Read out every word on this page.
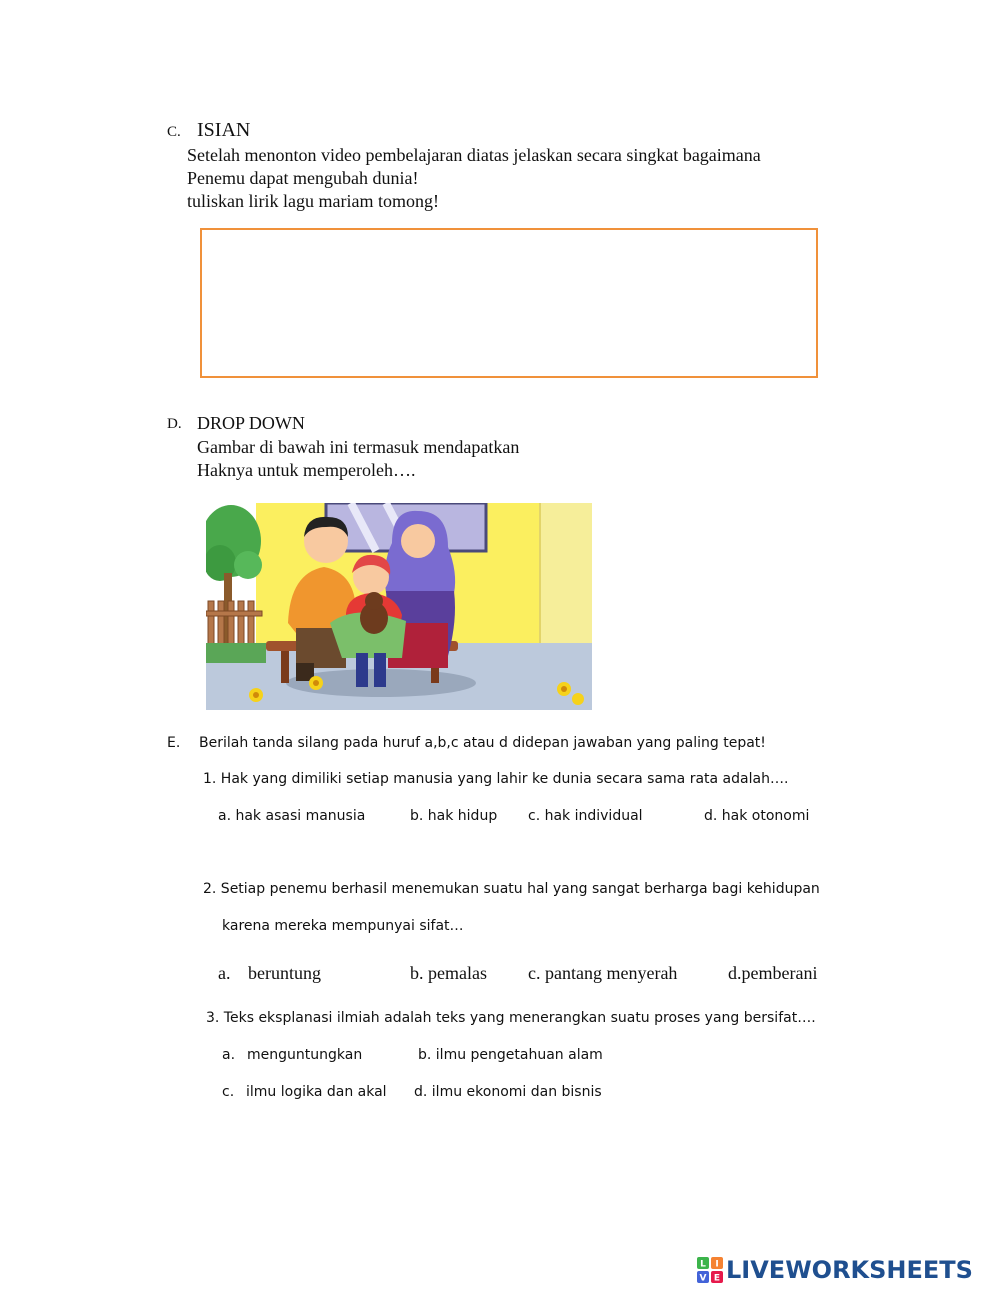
C. ISIAN
Setelah menonton video pembelajaran diatas jelaskan secara singkat bagaimana
Penemu dapat mengubah dunia!
tuliskan lirik lagu mariam tomong!
D. DROP DOWN
Gambar di bawah ini termasuk mendapatkan
Haknya untuk memperoleh….
E. Berilah tanda silang pada huruf a,b,c atau d didepan jawaban yang paling tepat!
1. Hak yang dimiliki setiap manusia yang lahir ke dunia secara sama rata adalah….
a. hak asasi manusia	b. hak hidup c. hak individual	d. hak otonomi
2. Setiap penemu berhasil menemukan suatu hal yang sangat berharga bagi kehidupan
karena mereka mempunyai sifat…
a. beruntung	b. pemalas c. pantang menyerah	d.pemberani
3. Teks eksplanasi ilmiah adalah teks yang menerangkan suatu proses yang bersifat….
a. menguntungkan	b. ilmu pengetahuan alam
c. ilmu logika dan akal d. ilmu ekonomi dan bisnis
L I
V E LIVEWORKSHEETS
